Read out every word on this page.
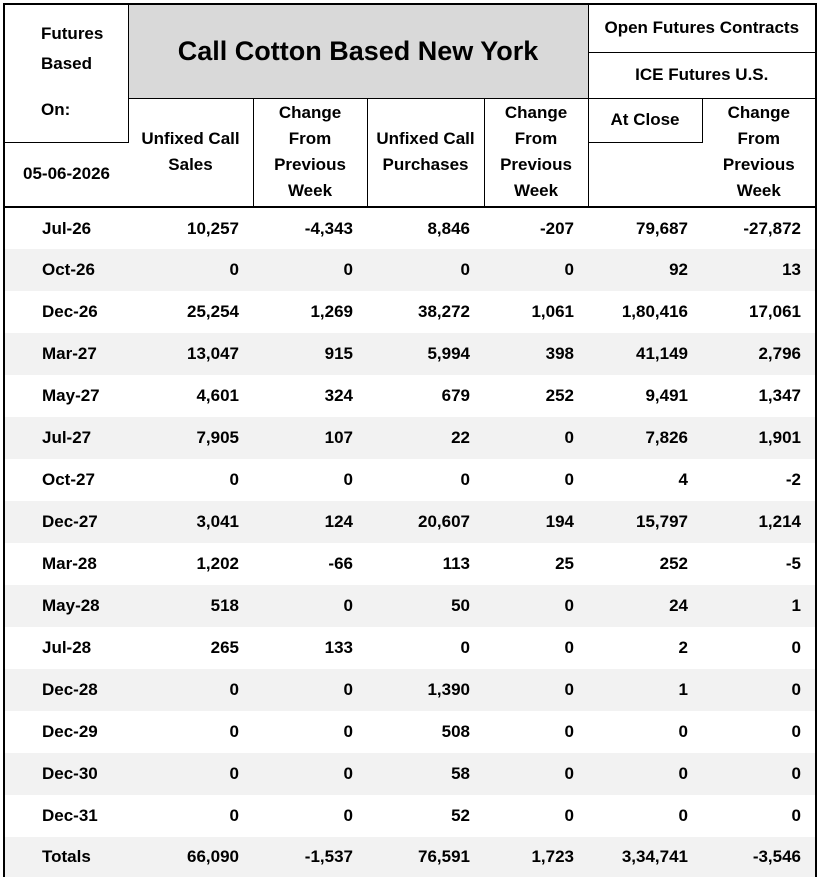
Futures
Based
On:	Call Cotton Based New York				Open Futures Contracts	
					ICE Futures U.S.	
	Unfixed Call Sales	Change From Previous Week	Unfixed Call Purchases	Change From Previous Week	At Close	Change From Previous Week
05-06-2026						
Jul-26	10,257	-4,343	8,846	-207	79,687	-27,872
Oct-26	0	0	0	0	92	13
Dec-26	25,254	1,269	38,272	1,061	1,80,416	17,061
Mar-27	13,047	915	5,994	398	41,149	2,796
May-27	4,601	324	679	252	9,491	1,347
Jul-27	7,905	107	22	0	7,826	1,901
Oct-27	0	0	0	0	4	-2
Dec-27	3,041	124	20,607	194	15,797	1,214
Mar-28	1,202	-66	113	25	252	-5
May-28	518	0	50	0	24	1
Jul-28	265	133	0	0	2	0
Dec-28	0	0	1,390	0	1	0
Dec-29	0	0	508	0	0	0
Dec-30	0	0	58	0	0	0
Dec-31	0	0	52	0	0	0
Totals	66,090	-1,537	76,591	1,723	3,34,741	-3,546
